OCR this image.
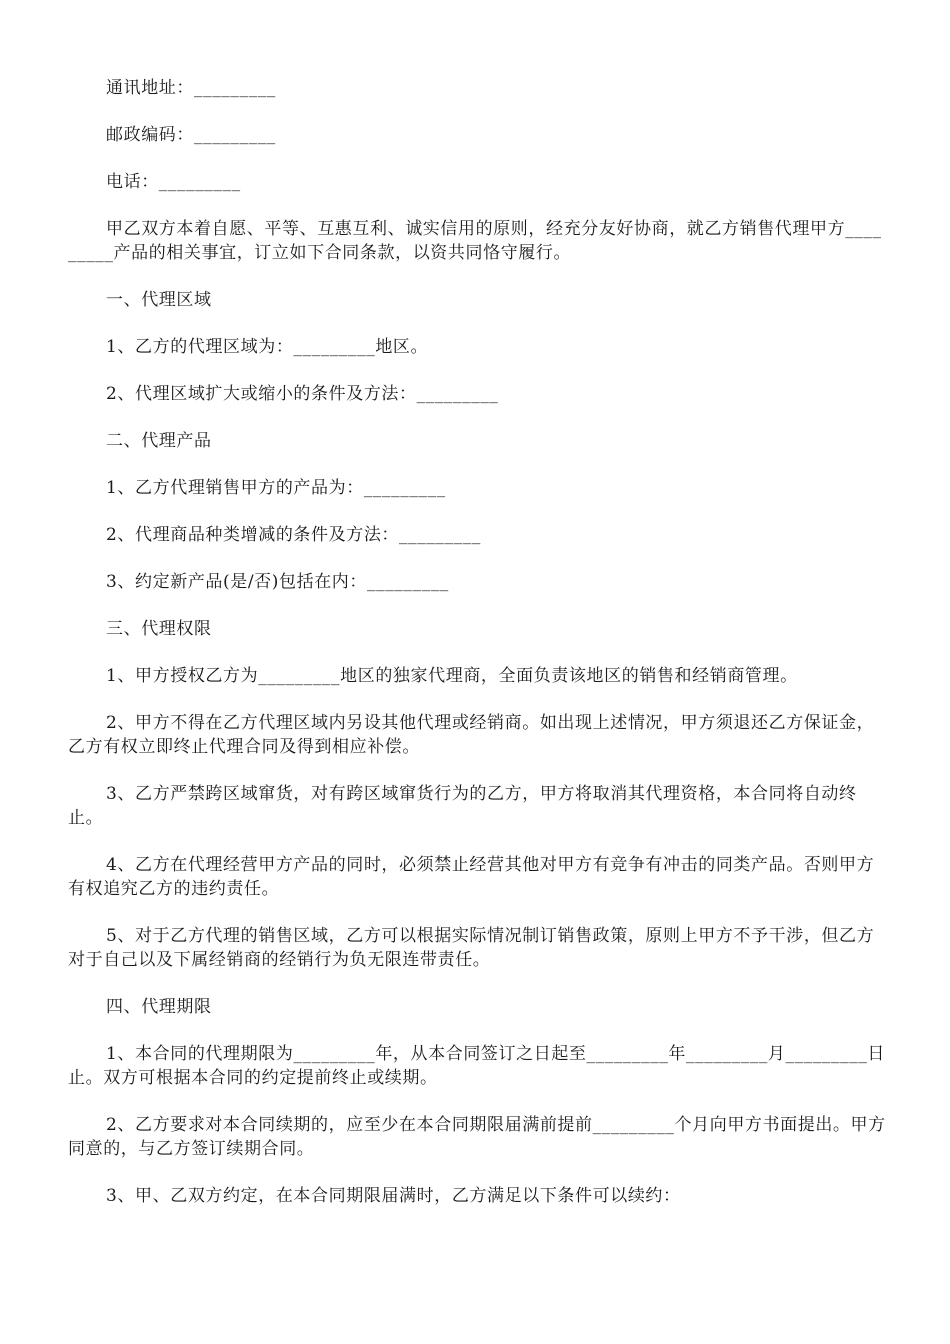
通讯地址：_________

邮政编码：_________

电话：_________

甲乙双方本着自愿、平等、互惠互利、诚实信用的原则，经充分友好协商，就乙方销售代理甲方_________产品的相关事宜，订立如下合同条款，以资共同恪守履行。

一、代理区域

1、乙方的代理区域为：_________地区。

2、代理区域扩大或缩小的条件及方法：_________

二、代理产品

1、乙方代理销售甲方的产品为：_________

2、代理商品种类增减的条件及方法：_________

3、约定新产品(是/否)包括在内：_________

三、代理权限

1、甲方授权乙方为_________地区的独家代理商，全面负责该地区的销售和经销商管理。

2、甲方不得在乙方代理区域内另设其他代理或经销商。如出现上述情况，甲方须退还乙方保证金，乙方有权立即终止代理合同及得到相应补偿。

3、乙方严禁跨区域窜货，对有跨区域窜货行为的乙方，甲方将取消其代理资格，本合同将自动终止。

4、乙方在代理经营甲方产品的同时，必须禁止经营其他对甲方有竞争有冲击的同类产品。否则甲方有权追究乙方的违约责任。

5、对于乙方代理的销售区域，乙方可以根据实际情况制订销售政策，原则上甲方不予干涉，但乙方对于自己以及下属经销商的经销行为负无限连带责任。

四、代理期限

1、本合同的代理期限为_________年，从本合同签订之日起至_________年_________月_________日止。双方可根据本合同的约定提前终止或续期。

2、乙方要求对本合同续期的，应至少在本合同期限届满前提前_________个月向甲方书面提出。甲方同意的，与乙方签订续期合同。

3、甲、乙双方约定，在本合同期限届满时，乙方满足以下条件可以续约：
